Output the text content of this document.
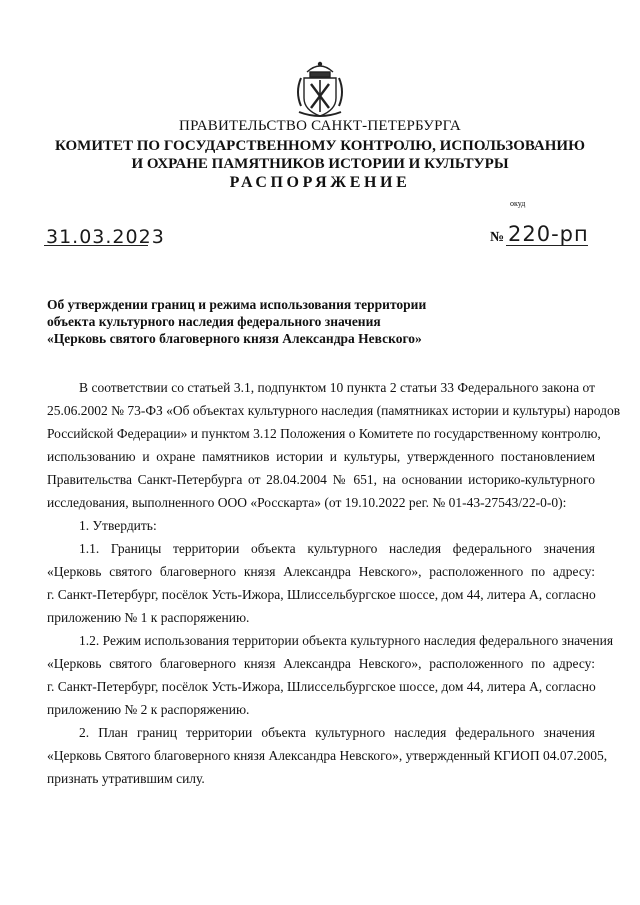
ПРАВИТЕЛЬСТВО САНКТ-ПЕТЕРБУРГА
КОМИТЕТ ПО ГОСУДАРСТВЕННОМУ КОНТРОЛЮ, ИСПОЛЬЗОВАНИЮ
И ОХРАНЕ ПАМЯТНИКОВ ИСТОРИИ И КУЛЬТУРЫ
РАСПОРЯЖЕНИЕ
окуд
31.03.2023	№ 220-рп
Об утверждении границ и режима использования территории
объекта культурного наследия федерального значения
«Церковь святого благоверного князя Александра Невского»
В соответствии со статьей 3.1, подпунктом 10 пункта 2 статьи 33 Федерального закона от
25.06.2002 № 73-ФЗ «Об объектах культурного наследия (памятниках истории и культуры) народов
Российской Федерации» и пунктом 3.12 Положения о Комитете по государственному контролю,
использованию и охране памятников истории и культуры, утвержденного постановлением
Правительства Санкт-Петербурга от 28.04.2004 № 651, на основании историко-культурного
исследования, выполненного ООО «Росскарта» (от 19.10.2022 рег. № 01-43-27543/22-0-0):
1. Утвердить:
1.1. Границы территории объекта культурного наследия федерального значения
«Церковь святого благоверного князя Александра Невского», расположенного по адресу:
г. Санкт-Петербург, посёлок Усть-Ижора, Шлиссельбургское шоссе, дом 44, литера А, согласно
приложению № 1 к распоряжению.
1.2. Режим использования территории объекта культурного наследия федерального значения
«Церковь святого благоверного князя Александра Невского», расположенного по адресу:
г. Санкт-Петербург, посёлок Усть-Ижора, Шлиссельбургское шоссе, дом 44, литера А, согласно
приложению № 2 к распоряжению.
2. План границ территории объекта культурного наследия федерального значения
«Церковь Святого благоверного князя Александра Невского», утвержденный КГИОП 04.07.2005,
признать утратившим силу.
